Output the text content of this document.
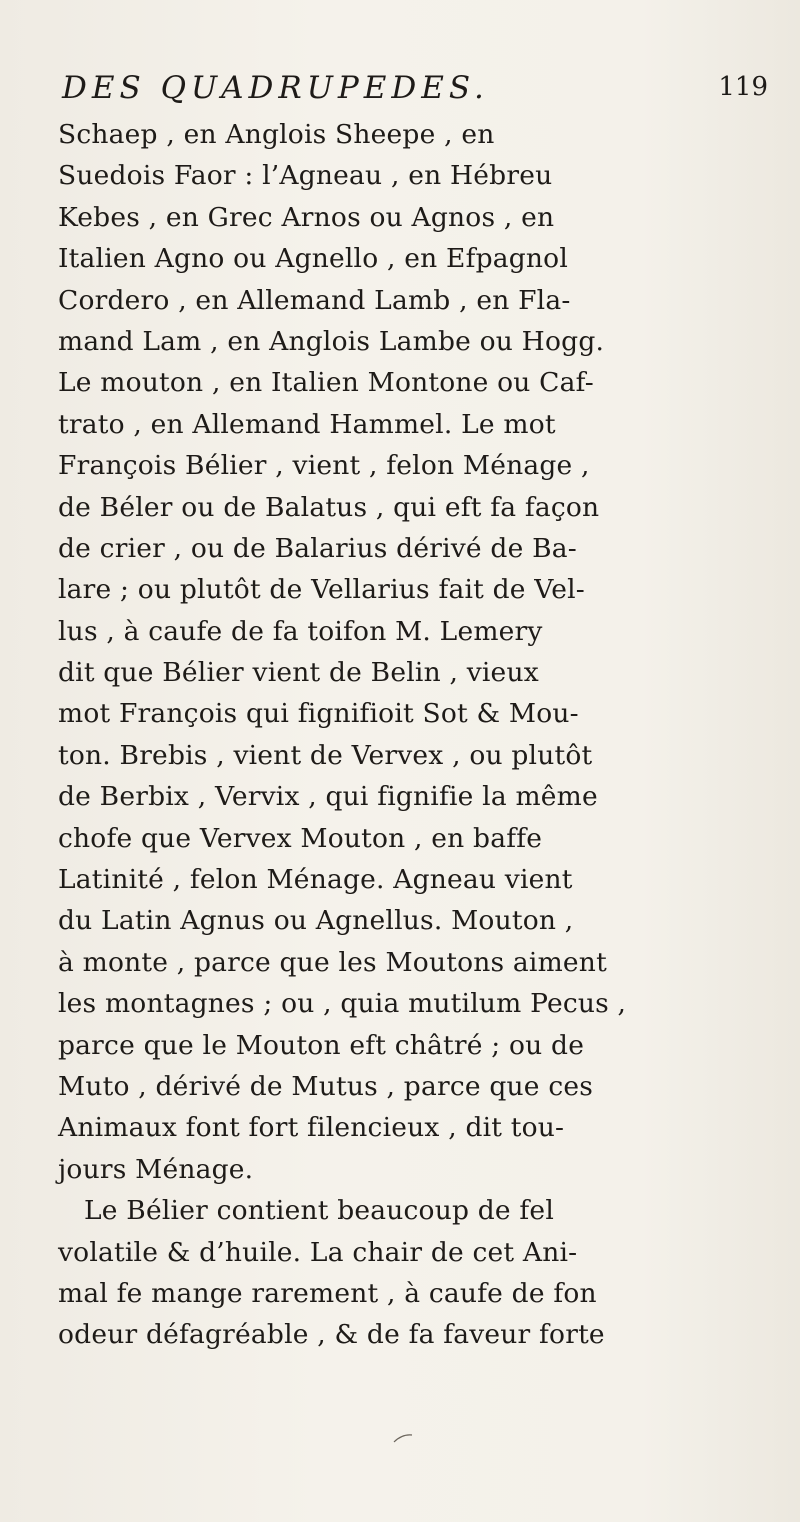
DES QUADRUPEDES.	119
Schaep , en Anglois Sheepe , en
Suedois Faor : l’Agneau , en Hébreu
Kebes , en Grec Arnos ou Agnos , en
Italien Agno ou Agnello , en Efpagnol
Cordero , en Allemand Lamb , en Fla-
mand Lam , en Anglois Lambe ou Hogg.
Le mouton , en Italien Montone ou Caf-
trato , en Allemand Hammel. Le mot
François Bélier , vient , felon Ménage ,
de Béler ou de Balatus , qui eft fa façon
de crier , ou de Balarius dérivé de Ba-
lare ; ou plutôt de Vellarius fait de Vel-
lus , à caufe de fa toifon M. Lemery
dit que Bélier vient de Belin , vieux
mot François qui fignifioit Sot & Mou-
ton. Brebis , vient de Vervex , ou plutôt
de Berbix , Vervix , qui fignifie la même
chofe que Vervex Mouton , en baffe
Latinité , felon Ménage. Agneau vient
du Latin Agnus ou Agnellus. Mouton ,
à monte , parce que les Moutons aiment
les montagnes ; ou , quia mutilum Pecus ,
parce que le Mouton eft châtré ; ou de
Muto , dérivé de Mutus , parce que ces
Animaux font fort filencieux , dit tou-
jours Ménage.
Le Bélier contient beaucoup de fel
volatile & d’huile. La chair de cet Ani-
mal fe mange rarement , à caufe de fon
odeur défagréable , & de fa faveur forte
